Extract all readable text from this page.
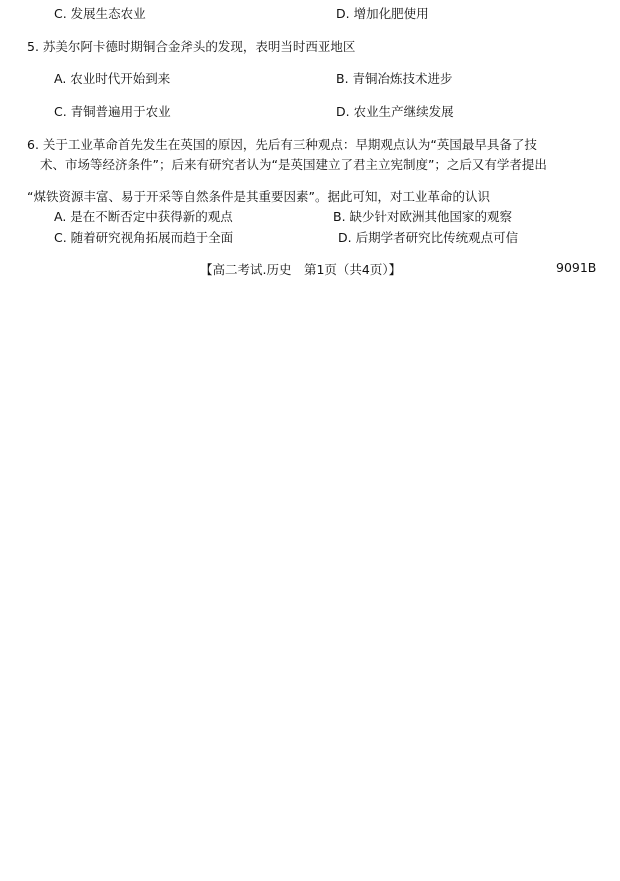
C. 发展生态农业	D. 增加化肥使用
5. 苏美尔阿卡德时期铜合金斧头的发现，表明当时西亚地区
A. 农业时代开始到来	B. 青铜冶炼技术进步
C. 青铜普遍用于农业	D. 农业生产继续发展
6. 关于工业革命首先发生在英国的原因，先后有三种观点：早期观点认为“英国最早具备了技
术、市场等经济条件”；后来有研究者认为“是英国建立了君主立宪制度”；之后又有学者提出
“煤铁资源丰富、易于开采等自然条件是其重要因素”。据此可知，对工业革命的认识
A. 是在不断否定中获得新的观点	B. 缺少针对欧洲其他国家的观察
C. 随着研究视角拓展而趋于全面	D. 后期学者研究比传统观点可信
【高二考试.历史　第1页（共4页）】	9091B
